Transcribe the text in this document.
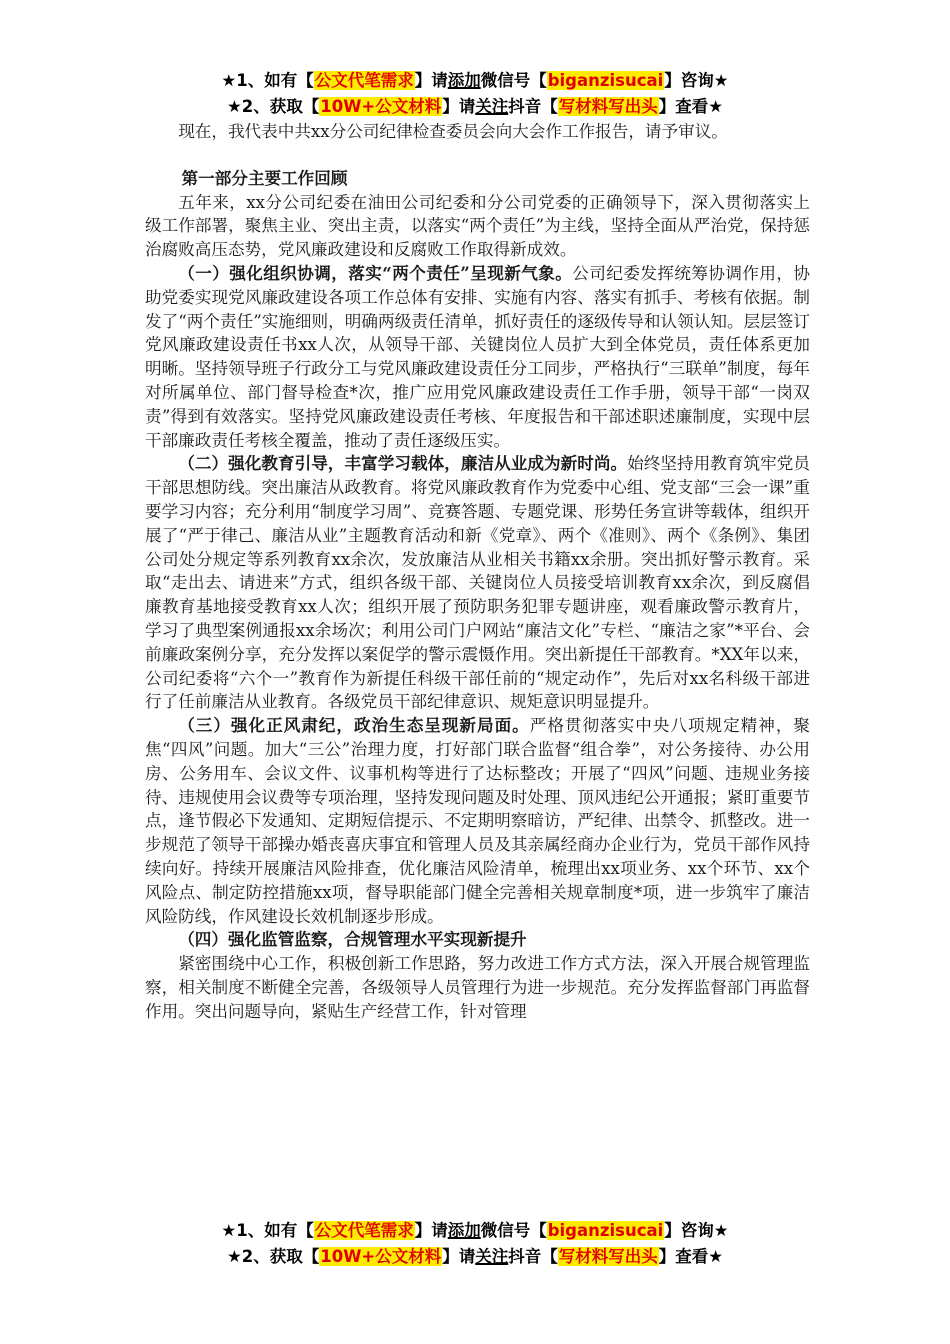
★1、如有【公文代笔需求】请添加微信号【biganzisucai】咨询★
★2、获取【10W+公文材料】请关注抖音【写材料写出头】查看★

现在，我代表中共xx分公司纪律检查委员会向大会作工作报告，请予审议。

第一部分主要工作回顾

五年来，xx分公司纪委在油田公司纪委和分公司党委的正确领导下，深入贯彻落实上级工作部署，聚焦主业、突出主责，以落实“两个责任”为主线，坚持全面从严治党，保持惩治腐败高压态势，党风廉政建设和反腐败工作取得新成效。

（一）强化组织协调，落实“两个责任”呈现新气象。公司纪委发挥统筹协调作用，协助党委实现党风廉政建设各项工作总体有安排、实施有内容、落实有抓手、考核有依据。制发了“两个责任”实施细则，明确两级责任清单，抓好责任的逐级传导和认领认知。层层签订党风廉政建设责任书xx人次，从领导干部、关键岗位人员扩大到全体党员，责任体系更加明晰。坚持领导班子行政分工与党风廉政建设责任分工同步，严格执行“三联单”制度，每年对所属单位、部门督导检查*次，推广应用党风廉政建设责任工作手册，领导干部“一岗双责”得到有效落实。坚持党风廉政建设责任考核、年度报告和干部述职述廉制度，实现中层干部廉政责任考核全覆盖，推动了责任逐级压实。

（二）强化教育引导，丰富学习载体，廉洁从业成为新时尚。始终坚持用教育筑牢党员干部思想防线。突出廉洁从政教育。将党风廉政教育作为党委中心组、党支部“三会一课”重要学习内容；充分利用“制度学习周”、竞赛答题、专题党课、形势任务宣讲等载体，组织开展了“严于律己、廉洁从业”主题教育活动和新《党章》、两个《准则》、两个《条例》、集团公司处分规定等系列教育xx余次，发放廉洁从业相关书籍xx余册。突出抓好警示教育。采取“走出去、请进来”方式，组织各级干部、关键岗位人员接受培训教育xx余次，到反腐倡廉教育基地接受教育xx人次；组织开展了预防职务犯罪专题讲座，观看廉政警示教育片，学习了典型案例通报xx余场次；利用公司门户网站“廉洁文化”专栏、“廉洁之家”*平台、会前廉政案例分享，充分发挥以案促学的警示震慑作用。突出新提任干部教育。*XX年以来，公司纪委将“六个一”教育作为新提任科级干部任前的“规定动作”，先后对xx名科级干部进行了任前廉洁从业教育。各级党员干部纪律意识、规矩意识明显提升。

（三）强化正风肃纪，政治生态呈现新局面。严格贯彻落实中央八项规定精神，聚焦“四风”问题。加大“三公”治理力度，打好部门联合监督“组合拳”，对公务接待、办公用房、公务用车、会议文件、议事机构等进行了达标整改；开展了“四风”问题、违规业务接待、违规使用会议费等专项治理，坚持发现问题及时处理、顶风违纪公开通报；紧盯重要节点，逢节假必下发通知、定期短信提示、不定期明察暗访，严纪律、出禁令、抓整改。进一步规范了领导干部操办婚丧喜庆事宜和管理人员及其亲属经商办企业行为，党员干部作风持续向好。持续开展廉洁风险排查，优化廉洁风险清单，梳理出xx项业务、xx个环节、xx个风险点、制定防控措施xx项，督导职能部门健全完善相关规章制度*项，进一步筑牢了廉洁风险防线，作风建设长效机制逐步形成。

（四）强化监管监察，合规管理水平实现新提升

紧密围绕中心工作，积极创新工作思路，努力改进工作方式方法，深入开展合规管理监察，相关制度不断健全完善，各级领导人员管理行为进一步规范。充分发挥监督部门再监督作用。突出问题导向，紧贴生产经营工作，针对管理

★1、如有【公文代笔需求】请添加微信号【biganzisucai】咨询★
★2、获取【10W+公文材料】请关注抖音【写材料写出头】查看★
